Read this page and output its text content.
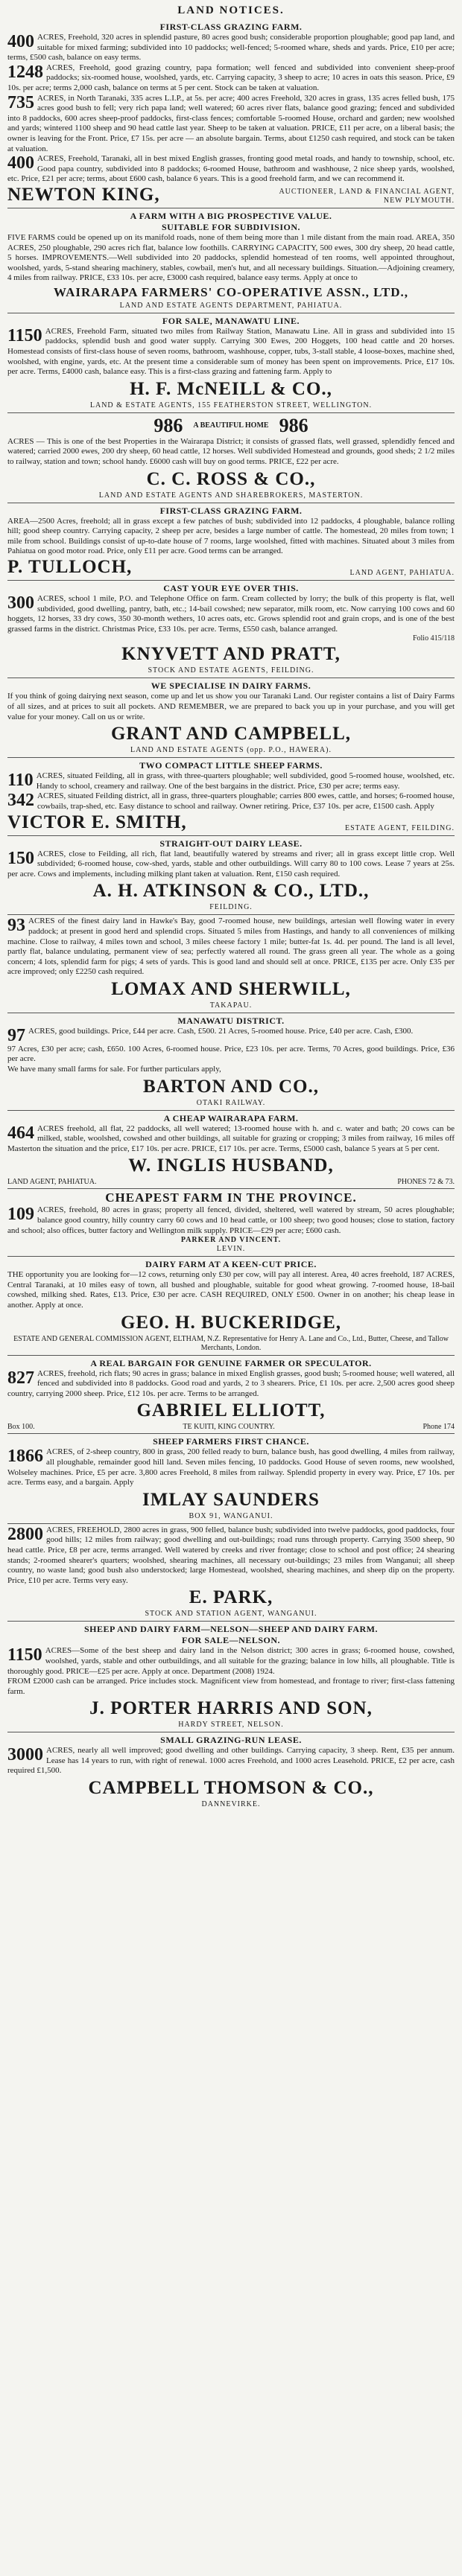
LAND NOTICES.
FIRST-CLASS GRAZING FARM.

400 ACRES, Freehold, 320 acres in splendid pasture, 80 acres good bush; considerable proportion ploughable; good pap land, and suitable for mixed farming; subdivided into 10 paddocks; well-fenced; 5-roomed whare, sheds and yards. Price, £10 per acre; terms, £500 cash, balance on easy terms.

1248 ACRES, Freehold, good grazing country, papa formation; well fenced and subdivided into convenient sheep-proof paddocks; six-roomed house, woolshed, yards, etc. Carrying capacity, 3 sheep to acre; 10 acres in oats this season. Price, £9 10s. per acre; terms 2,000 cash, balance on terms at 5 per cent. Stock can be taken at valuation.

735 ACRES, in North Taranaki, 335 acres L.I.P., at 5s. per acre; 400 acres Freehold, 320 acres in grass, 135 acres felled bush, 175 acres good bush to fell; very rich papa land; well watered; 60 acres river flats, balance good grazing; fenced and subdivided into 8 paddocks, 600 acres sheep-proof paddocks, first-class fences; comfortable 5-roomed House, orchard and garden; new woolshed and yards; wintered 1100 sheep and 90 head cattle last year. Sheep to be taken at valuation. PRICE, £11 per acre, on a liberal basis; the owner is leaving for the Front. Price, £7 15s. per acre — an absolute bargain. Terms, about £1250 cash required, and stock can be taken at valuation.

400 ACRES, Freehold, Taranaki, all in best mixed English grasses, fronting good metal roads, and handy to township, school, etc. Good papa country, subdivided into 8 paddocks; 6-roomed House, bathroom and washhouse, 2 nice sheep yards, woolshed, etc. Price, £21 per acre; terms, about £600 cash, balance 6 years. This is a good freehold farm, and we can recommend it.

NEWTON KING,	AUCTIONEER, LAND & FINANCIAL AGENT, NEW PLYMOUTH.
A FARM WITH A BIG PROSPECTIVE VALUE.
SUITABLE FOR SUBDIVISION.

FIVE FARMS could be opened up on its manifold roads, none of them being more than 1 mile distant from the main road. AREA, 350 ACRES, 250 ploughable, 290 acres rich flat, balance low foothills. CARRYING CAPACITY, 500 ewes, 300 dry sheep, 20 head cattle, 5 horses. IMPROVEMENTS.—Well subdivided into 20 paddocks, splendid homestead of ten rooms, well appointed throughout, woolshed, yards, 5-stand shearing machinery, stables, cowbail, men's hut, and all necessary buildings. Situation.—Adjoining creamery, 4 miles from railway. PRICE, £33 10s. per acre, £3000 cash required, balance easy terms. Apply at once to

WAIRARAPA FARMERS' CO-OPERATIVE ASSN., LTD.,
LAND AND ESTATE AGENTS DEPARTMENT, PAHIATUA.
FOR SALE, MANAWATU LINE.

1150 ACRES, Freehold Farm, situated two miles from Railway Station, Manawatu Line. All in grass and subdivided into 15 paddocks, splendid bush and good water supply. Carrying 300 Ewes, 200 Hoggets, 100 head cattle and 20 horses. Homestead consists of first-class house of seven rooms, bathroom, washhouse, copper, tubs, 3-stall stable, 4 loose-boxes, machine shed, woolshed, with engine, yards, etc. At the present time a considerable sum of money has been spent on improvements. Price, £17 10s. per acre. Terms, £4000 cash, balance easy. This is a first-class grazing and fattening farm. Apply to

H. F. McNEILL & CO.,
LAND & ESTATE AGENTS, 155 FEATHERSTON STREET, WELLINGTON.
986 A BEAUTIFUL HOME 986

ACRES — This is one of the best Properties in the Wairarapa District; it consists of grassed flats, well grassed, splendidly fenced and watered; carried 2000 ewes, 200 dry sheep, 60 head cattle, 12 horses. Well subdivided Homestead and grounds, good sheds; 2 1/2 miles to railway, station and town; school handy. £6000 cash will buy on good terms. PRICE, £22 per acre.

C. C. ROSS & CO.,
LAND AND ESTATE AGENTS AND SHAREBROKERS, MASTERTON.
FIRST-CLASS GRAZING FARM.

AREA—2500 Acres, freehold; all in grass except a few patches of bush; subdivided into 12 paddocks, 4 ploughable, balance rolling hill; good sheep country. Carrying capacity, 2 sheep per acre, besides a large number of cattle. The homestead, 20 miles from town; 1 mile from school. Buildings consist of up-to-date house of 7 rooms, large woolshed, fitted with machines. Situated about 3 miles from Pahiatua on good motor road. Price, only £11 per acre. Good terms can be arranged.

P. TULLOCH,	LAND AGENT, PAHIATUA.
CAST YOUR EYE OVER THIS.

300 ACRES, school 1 mile, P.O. and Telephone Office on farm. Cream collected by lorry; the bulk of this property is flat, well subdivided, good dwelling, pantry, bath, etc.; 14-bail cowshed; new separator, milk room, etc. Now carrying 100 cows and 60 hoggets, 12 horses, 33 dry cows, 350 30-month wethers, 10 acres oats, etc. Grows splendid root and grain crops, and is one of the best grassed farms in the district. Christmas Price, £33 10s. per acre. Terms, £550 cash, balance arranged.

Folio 415/118
KNYVETT AND PRATT,
STOCK AND ESTATE AGENTS, FEILDING.
WE SPECIALISE IN DAIRY FARMS.

If you think of going dairying next season, come up and let us show you our Taranaki Land. Our register contains a list of Dairy Farms of all sizes, and at prices to suit all pockets. AND REMEMBER, we are prepared to back you up in your purchase, and you will get value for your money. Call on us or write.

GRANT AND CAMPBELL,
LAND AND ESTATE AGENTS (opp. P.O., HAWERA).
TWO COMPACT LITTLE SHEEP FARMS.

110 ACRES, situated Feilding, all in grass, with three-quarters ploughable; well subdivided, good 5-roomed house, woolshed, etc. Handy to school, creamery and railway. One of the best bargains in the district. Price, £30 per acre; terms easy.

342 ACRES, situated Feilding district, all in grass, three-quarters ploughable; carries 800 ewes, cattle, and horses; 6-roomed house, cowbails, trap-shed, etc. Easy distance to school and railway. Owner retiring. Price, £37 10s. per acre, £1500 cash. Apply

VICTOR E. SMITH,	ESTATE AGENT, FEILDING.
STRAIGHT-OUT DAIRY LEASE.

150 ACRES, close to Feilding, all rich, flat land, beautifully watered by streams and river; all in grass except little crop. Well subdivided; 6-roomed house, cow-shed, yards, stable and other outbuildings. Will carry 80 to 100 cows. Lease 7 years at 25s. per acre. Cows and implements, including milking plant taken at valuation. Rent, £150 cash required.

A. H. ATKINSON & CO., LTD.,
FEILDING.

93 ACRES of the finest dairy land in Hawke's Bay, good 7-roomed house, new buildings, artesian well flowing water in every paddock; at present in good herd and splendid crops. Situated 5 miles from Hastings, and handy to all conveniences of milking machine. Close to railway, 4 miles town and school, 3 miles cheese factory 1 mile; butter-fat 1s. 4d. per pound. The land is all level, partly flat, balance undulating, permanent view of sea; perfectly watered all round. The grass green all year. The whole as a going concern; 4 lots, splendid farm for pigs; 4 sets of yards. This is good land and should sell at once. PRICE, £135 per acre. Only £35 per acre improved; only £2250 cash required.

LOMAX AND SHERWILL,
TAKAPAU.
MANAWATU DISTRICT.

97 ACRES, good buildings. Price, £44 per acre. Cash, £500. 21 Acres, 5-roomed house. Price, £40 per acre. Cash, £300.

97 Acres, £30 per acre; cash, £650. 100 Acres, 6-roomed house. Price, £23 10s. per acre. Terms, 70 Acres, good buildings. Price, £36 per acre.

We have many small farms for sale. For further particulars apply,

BARTON AND CO.,
OTAKI RAILWAY.
A CHEAP WAIRARAPA FARM.

464 ACRES freehold, all flat, 22 paddocks, all well watered; 13-roomed house with h. and c. water and bath; 20 cows can be milked, stable, woolshed, cowshed and other buildings, all suitable for grazing or cropping; 3 miles from railway, 16 miles off Masterton the situation and the price, £17 10s. per acre. PRICE, £17 10s. per acre. Terms, £5000 cash, balance 5 years at 5 per cent.

W. INGLIS HUSBAND,
LAND AGENT, PAHIATUA.	PHONES 72 & 73.
CHEAPEST FARM IN THE PROVINCE.

109 ACRES, freehold, 80 acres in grass; property all fenced, divided, sheltered, well watered by stream, 50 acres ploughable; balance good country, hilly country carry 60 cows and 10 head cattle, or 100 sheep; two good houses; close to station, factory and school; also offices, butter factory and Wellington milk supply. PRICE—£29 per acre; £600 cash.

PARKER AND VINCENT.
LEVIN.
DAIRY FARM AT A KEEN-CUT PRICE.

THE opportunity you are looking for—12 cows, returning only £30 per cow, will pay all interest. Area, 40 acres freehold, 187 ACRES, Central Taranaki, at 10 miles easy of town, all bushed and ploughable, suitable for good wheat growing. 7-roomed house, 18-bail cowshed, milking shed. Rates, £13. Price, £30 per acre. CASH REQUIRED, ONLY £500. Owner in on another; his cheap lease in another. Apply at once.

GEO. H. BUCKERIDGE,
ESTATE AND GENERAL COMMISSION AGENT, ELTHAM, N.Z. Representative for Henry A. Lane and Co., Ltd., Butter, Cheese, and Tallow Merchants, London.
A REAL BARGAIN FOR GENUINE FARMER OR SPECULATOR.

827 ACRES, freehold, rich flats; 90 acres in grass; balance in mixed English grasses, good bush; 5-roomed house; well watered, all fenced and subdivided into 8 paddocks. Good road and yards, 2 to 3 shearers. Price, £1 10s. per acre. 2,500 acres good sheep country, carrying 2000 sheep. Price, £12 10s. per acre. Terms to be arranged.

GABRIEL ELLIOTT,
Box 100.	TE KUITI, KING COUNTRY.	Phone 174
SHEEP FARMERS FIRST CHANCE.

1866 ACRES, of 2-sheep country, 800 in grass, 200 felled ready to burn, balance bush, has good dwelling, 4 miles from railway, all ploughable, remainder good hill land. Seven miles fencing, 10 paddocks. Good House of seven rooms, new woolshed, Wolseley machines. Price, £5 per acre. 3,800 acres Freehold, 8 miles from railway. Splendid property in every way. Price, £7 10s. per acre. Terms easy, and a bargain. Apply

IMLAY SAUNDERS
BOX 91, WANGANUI.

2800 ACRES, FREEHOLD, 2800 acres in grass, 900 felled, balance bush; subdivided into twelve paddocks, good paddocks, four good hills; 12 miles from railway; good dwelling and out-buildings; road runs through property. Carrying 3500 sheep, 90 head cattle. Price, £8 per acre, terms arranged. Well watered by creeks and river frontage; close to school and post office; 24 shearing stands; 2-roomed shearer's quarters; woolshed, shearing machines, all necessary out-buildings; 23 miles from Wanganui; all sheep country, no waste land; good bush also understocked; large Homestead, woolshed, shearing machines, and sheep dip on the property. Price, £10 per acre. Terms very easy.

E. PARK,
STOCK AND STATION AGENT, WANGANUI.
SHEEP AND DAIRY FARM—NELSON—SHEEP AND DAIRY FARM.
FOR SALE—NELSON.

1150 ACRES—Some of the best sheep and dairy land in the Nelson district; 300 acres in grass; 6-roomed house, cowshed, woolshed, yards, stable and other outbuildings, and all suitable for the grazing; balance in low hills, all ploughable. Title is thoroughly good. PRICE—£25 per acre. Apply at once. Department (2008) 1924.

FROM £2000 cash can be arranged. Price includes stock. Magnificent view from homestead, and frontage to river; first-class fattening farm.

J. PORTER HARRIS AND SON,
HARDY STREET, NELSON.
SMALL GRAZING-RUN LEASE.

3000 ACRES, nearly all well improved; good dwelling and other buildings. Carrying capacity, 3 sheep. Rent, £35 per annum. Lease has 14 years to run, with right of renewal. 1000 acres Freehold, and 1000 acres Leasehold. PRICE, £2 per acre, cash required £1,500.

CAMPBELL THOMSON & CO.,
DANNEVIRKE.
